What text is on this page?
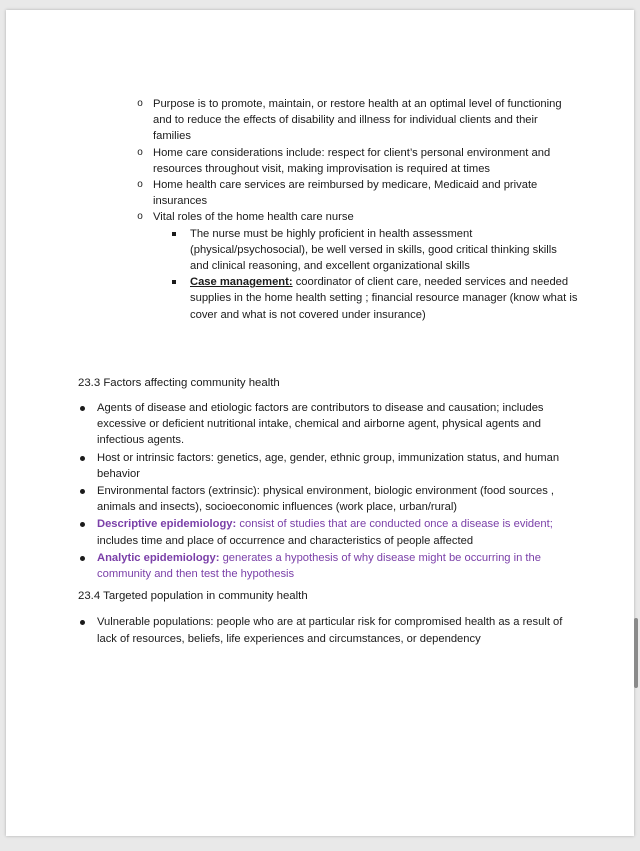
o Purpose is to promote, maintain, or restore health at an optimal level of functioning and to reduce the effects of disability and illness for individual clients and their families
o Home care considerations include: respect for client’s personal environment and resources throughout visit, making improvisation is required at times
o Home health care services are reimbursed by medicare, Medicaid and private insurances
o Vital roles of the home health care nurse
The nurse must be highly proficient in health assessment (physical/psychosocial), be well versed in skills, good critical thinking skills and clinical reasoning, and excellent organizational skills
Case management: coordinator of client care, needed services and needed supplies in the home health setting ; financial resource manager (know what is cover and what is not covered under insurance)
23.3 Factors affecting community health
Agents of disease and etiologic factors are contributors to disease and causation; includes excessive or deficient nutritional intake, chemical and airborne agent, physical agents and infectious agents.
Host or intrinsic factors: genetics, age, gender, ethnic group, immunization status, and human behavior
Environmental factors (extrinsic): physical environment, biologic environment (food sources , animals and insects), socioeconomic influences (work place, urban/rural)
Descriptive epidemiology: consist of studies that are conducted once a disease is evident; includes time and place of occurrence and characteristics of people affected
Analytic epidemiology: generates a hypothesis of why disease might be occurring in the community and then test the hypothesis
23.4 Targeted population in community health
Vulnerable populations: people who are at particular risk for compromised health as a result of lack of resources, beliefs, life experiences and circumstances, or dependency
